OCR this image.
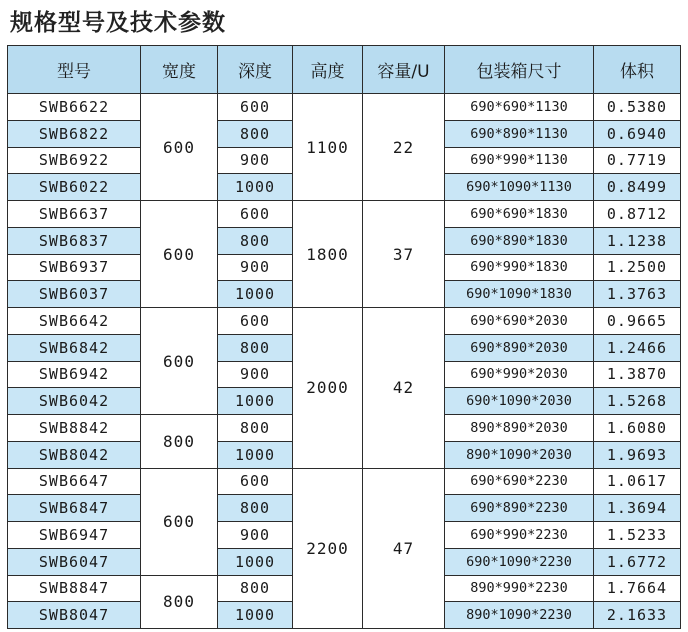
规格型号及技术参数
型号	宽度	深度	高度	容量/U	包装箱尺寸	体积
SWB6622	600	600	1100	22	690*690*1130	0.5380
SWB6822		800			690*890*1130	0.6940
SWB6922		900			690*990*1130	0.7719
SWB6022		1000			690*1090*1130	0.8499
SWB6637	600	600	1800	37	690*690*1830	0.8712
SWB6837		800			690*890*1830	1.1238
SWB6937		900			690*990*1830	1.2500
SWB6037		1000			690*1090*1830	1.3763
SWB6642	600	600	2000	42	690*690*2030	0.9665
SWB6842		800			690*890*2030	1.2466
SWB6942		900			690*990*2030	1.3870
SWB6042		1000			690*1090*2030	1.5268
SWB8842	800	800			890*890*2030	1.6080
SWB8042		1000			890*1090*2030	1.9693
SWB6647	600	600	2200	47	690*690*2230	1.0617
SWB6847		800			690*890*2230	1.3694
SWB6947		900			690*990*2230	1.5233
SWB6047		1000			690*1090*2230	1.6772
SWB8847	800	800			890*990*2230	1.7664
SWB8047		1000			890*1090*2230	2.1633
